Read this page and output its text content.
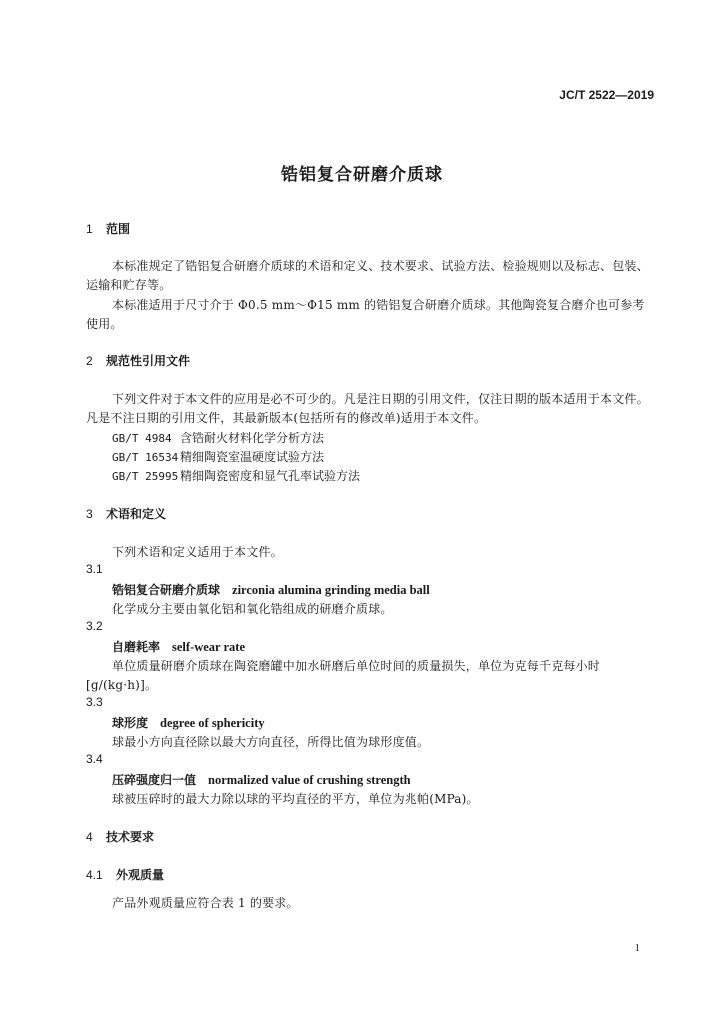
JC/T 2522—2019
锆铝复合研磨介质球
1 范围
本标准规定了锆铝复合研磨介质球的术语和定义、技术要求、试验方法、检验规则以及标志、包装、
运输和贮存等。
本标准适用于尺寸介于 Φ0.5 mm～Φ15 mm 的锆铝复合研磨介质球。其他陶瓷复合磨介也可参考
使用。
2 规范性引用文件
下列文件对于本文件的应用是必不可少的。凡是注日期的引用文件，仅注日期的版本适用于本文件。
凡是不注日期的引用文件，其最新版本(包括所有的修改单)适用于本文件。
GB/T 4984 含锆耐火材料化学分析方法
GB/T 16534 精细陶瓷室温硬度试验方法
GB/T 25995 精细陶瓷密度和显气孔率试验方法
3 术语和定义
下列术语和定义适用于本文件。
3.1
锆铝复合研磨介质球 zirconia alumina grinding media ball
化学成分主要由氧化铝和氧化锆组成的研磨介质球。
3.2
自磨耗率 self-wear rate
单位质量研磨介质球在陶瓷磨罐中加水研磨后单位时间的质量损失，单位为克每千克每小时
[g/(kg·h)]。
3.3
球形度 degree of sphericity
球最小方向直径除以最大方向直径，所得比值为球形度值。
3.4
压碎强度归一值 normalized value of crushing strength
球被压碎时的最大力除以球的平均直径的平方，单位为兆帕(MPa)。
4 技术要求
4.1 外观质量
产品外观质量应符合表 1 的要求。
1
